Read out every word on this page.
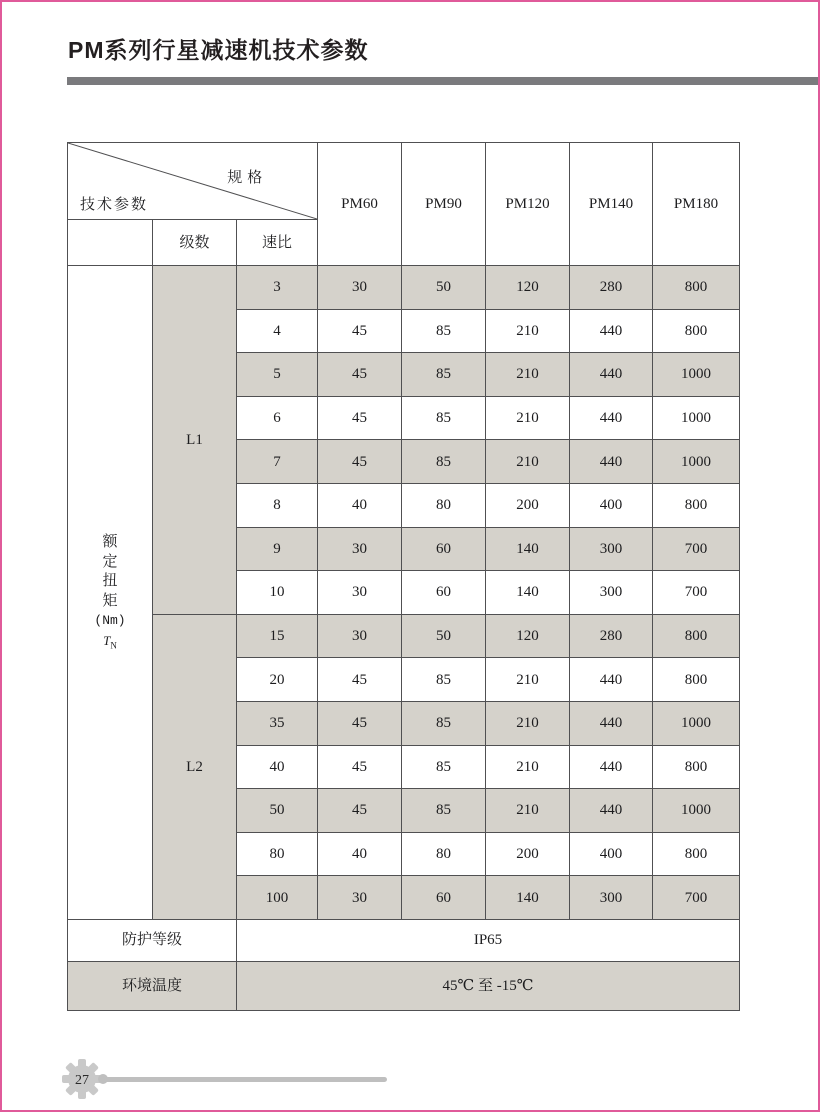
PM系列行星减速机技术参数
规格
技术参数			PM60	PM90	PM120	PM140	PM180
	级数	速比					

额定扭矩
(Nm)
$T_N$	L1	3	30	50	120	280	800
		4	45	85	210	440	800
		5	45	85	210	440	1000
		6	45	85	210	440	1000
		7	45	85	210	440	1000
		8	40	80	200	400	800
		9	30	60	140	300	700
		10	30	60	140	300	700
	L2	15	30	50	120	280	800
		20	45	85	210	440	800
		35	45	85	210	440	1000
		40	45	85	210	440	800
		50	45	85	210	440	1000
		80	40	80	200	400	800
		100	30	60	140	300	700
防护等级		IP65					
环境温度		45℃ 至 -15℃					
27
